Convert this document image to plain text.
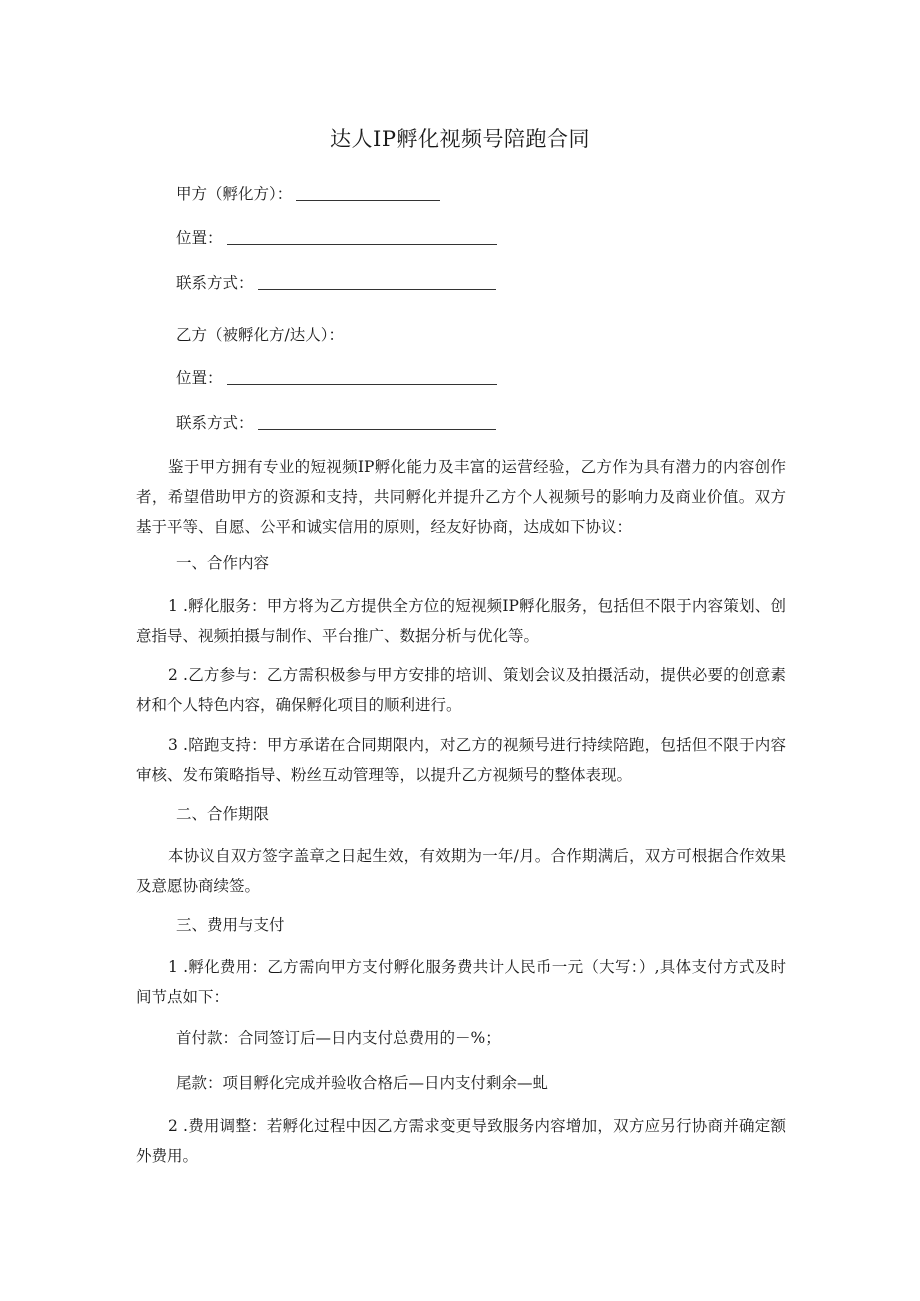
达人IP孵化视频号陪跑合同
甲方（孵化方）：
位置：
联系方式：
乙方（被孵化方/达人）：
位置：
联系方式：

鉴于甲方拥有专业的短视频IP孵化能力及丰富的运营经验，乙方作为具有潜力的内容创作者，希望借助甲方的资源和支持，共同孵化并提升乙方个人视频号的影响力及商业价值。双方基于平等、自愿、公平和诚实信用的原则，经友好协商，达成如下协议：

一、合作内容

1 .孵化服务：甲方将为乙方提供全方位的短视频IP孵化服务，包括但不限于内容策划、创意指导、视频拍摄与制作、平台推广、数据分析与优化等。

2 .乙方参与：乙方需积极参与甲方安排的培训、策划会议及拍摄活动，提供必要的创意素材和个人特色内容，确保孵化项目的顺利进行。

3 .陪跑支持：甲方承诺在合同期限内，对乙方的视频号进行持续陪跑，包括但不限于内容审核、发布策略指导、粉丝互动管理等，以提升乙方视频号的整体表现。

二、合作期限

本协议自双方签字盖章之日起生效，有效期为一年/月。合作期满后，双方可根据合作效果及意愿协商续签。

三、费用与支付

1 .孵化费用：乙方需向甲方支付孵化服务费共计人民币一元（大写：）,具体支付方式及时间节点如下：

首付款：合同签订后—日内支付总费用的－%；
尾款：项目孵化完成并验收合格后—日内支付剩余—虬

2 .费用调整：若孵化过程中因乙方需求变更导致服务内容增加，双方应另行协商并确定额外费用。
